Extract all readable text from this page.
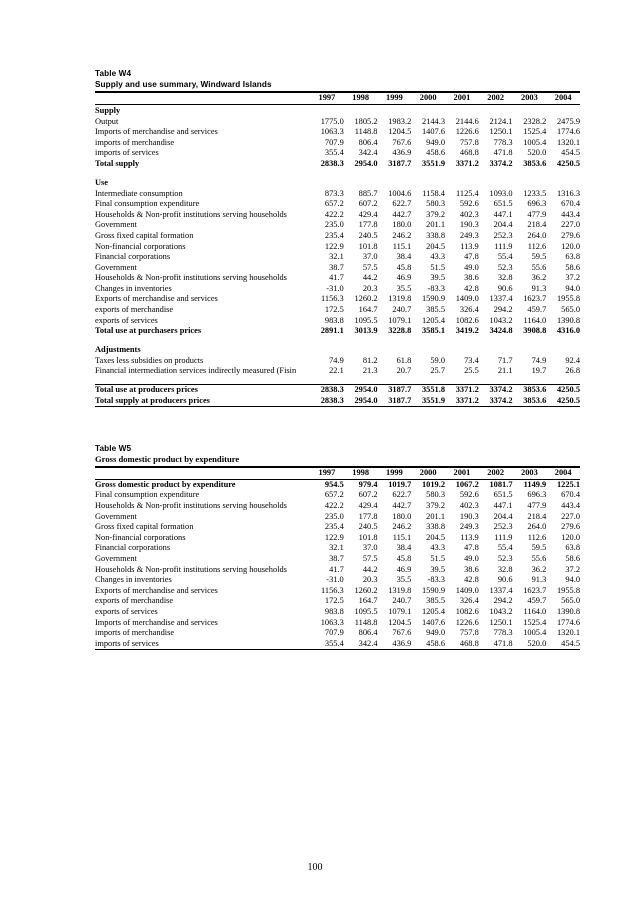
Table W4
Supply and use summary, Windward Islands
	1997	1998	1999	2000	2001	2002	2003	2004
Supply								
Output	1775.0	1805.2	1983.2	2144.3	2144.6	2124.1	2328.2	2475.9
Imports of merchandise and services	1063.3	1148.8	1204.5	1407.6	1226.6	1250.1	1525.4	1774.6
imports of merchandise	707.9	806.4	767.6	949.0	757.8	778.3	1005.4	1320.1
imports of services	355.4	342.4	436.9	458.6	468.8	471.8	520.0	454.5
Total supply	2838.3	2954.0	3187.7	3551.9	3371.2	3374.2	3853.6	4250.5

Use								
Intermediate consumption	873.3	885.7	1004.6	1158.4	1125.4	1093.0	1233.5	1316.3
Final consumption expenditure	657.2	607.2	622.7	580.3	592.6	651.5	696.3	670.4
Households & Non-profit institutions serving households	422.2	429.4	442.7	379.2	402.3	447.1	477.9	443.4
Government	235.0	177.8	180.0	201.1	190.3	204.4	218.4	227.0
Gross fixed capital formation	235.4	240.5	246.2	338.8	249.3	252.3	264.0	279.6
Non-financial corporations	122.9	101.8	115.1	204.5	113.9	111.9	112.6	120.0
Financial corporations	32.1	37.0	38.4	43.3	47.8	55.4	59.5	63.8
Government	38.7	57.5	45.8	51.5	49.0	52.3	55.6	58.6
Households & Non-profit institutions serving households	41.7	44.2	46.9	39.5	38.6	32.8	36.2	37.2
Changes in inventories	-31.0	20.3	35.5	-83.3	42.8	90.6	91.3	94.0
Exports of merchandise and services	1156.3	1260.2	1319.8	1590.9	1409.0	1337.4	1623.7	1955.8
exports of merchandise	172.5	164.7	240.7	385.5	326.4	294.2	459.7	565.0
exports of services	983.8	1095.5	1079.1	1205.4	1082.6	1043.2	1164.0	1390.8
Total use at purchasers prices	2891.1	3013.9	3228.8	3585.1	3419.2	3424.8	3908.8	4316.0

Adjustments								
Taxes less subsidies on products	74.9	81.2	61.8	59.0	73.4	71.7	74.9	92.4
Financial intermediation services indirectly measured (Fisin	22.1	21.3	20.7	25.7	25.5	21.1	19.7	26.8

Total use at producers prices	2838.3	2954.0	3187.7	3551.8	3371.2	3374.2	3853.6	4250.5
Total supply at producers prices	2838.3	2954.0	3187.7	3551.9	3371.2	3374.2	3853.6	4250.5
Table W5
Gross domestic product by expenditure
	1997	1998	1999	2000	2001	2002	2003	2004
Gross domestic product by expenditure	954.5	979.4	1019.7	1019.2	1067.2	1081.7	1149.9	1225.1
Final consumption expenditure	657.2	607.2	622.7	580.3	592.6	651.5	696.3	670.4
Households & Non-profit institutions serving households	422.2	429.4	442.7	379.2	402.3	447.1	477.9	443.4
Government	235.0	177.8	180.0	201.1	190.3	204.4	218.4	227.0
Gross fixed capital formation	235.4	240.5	246.2	338.8	249.3	252.3	264.0	279.6
Non-financial corporations	122.9	101.8	115.1	204.5	113.9	111.9	112.6	120.0
Financial corporations	32.1	37.0	38.4	43.3	47.8	55.4	59.5	63.8
Government	38.7	57.5	45.8	51.5	49.0	52.3	55.6	58.6
Households & Non-profit institutions serving households	41.7	44.2	46.9	39.5	38.6	32.8	36.2	37.2
Changes in inventories	-31.0	20.3	35.5	-83.3	42.8	90.6	91.3	94.0
Exports of merchandise and services	1156.3	1260.2	1319.8	1590.9	1409.0	1337.4	1623.7	1955.8
exports of merchandise	172.5	164.7	240.7	385.5	326.4	294.2	459.7	565.0
exports of services	983.8	1095.5	1079.1	1205.4	1082.6	1043.2	1164.0	1390.8
Imports of merchandise and services	1063.3	1148.8	1204.5	1407.6	1226.6	1250.1	1525.4	1774.6
imports of merchandise	707.9	806.4	767.6	949.0	757.8	778.3	1005.4	1320.1
imports of services	355.4	342.4	436.9	458.6	468.8	471.8	520.0	454.5
100
